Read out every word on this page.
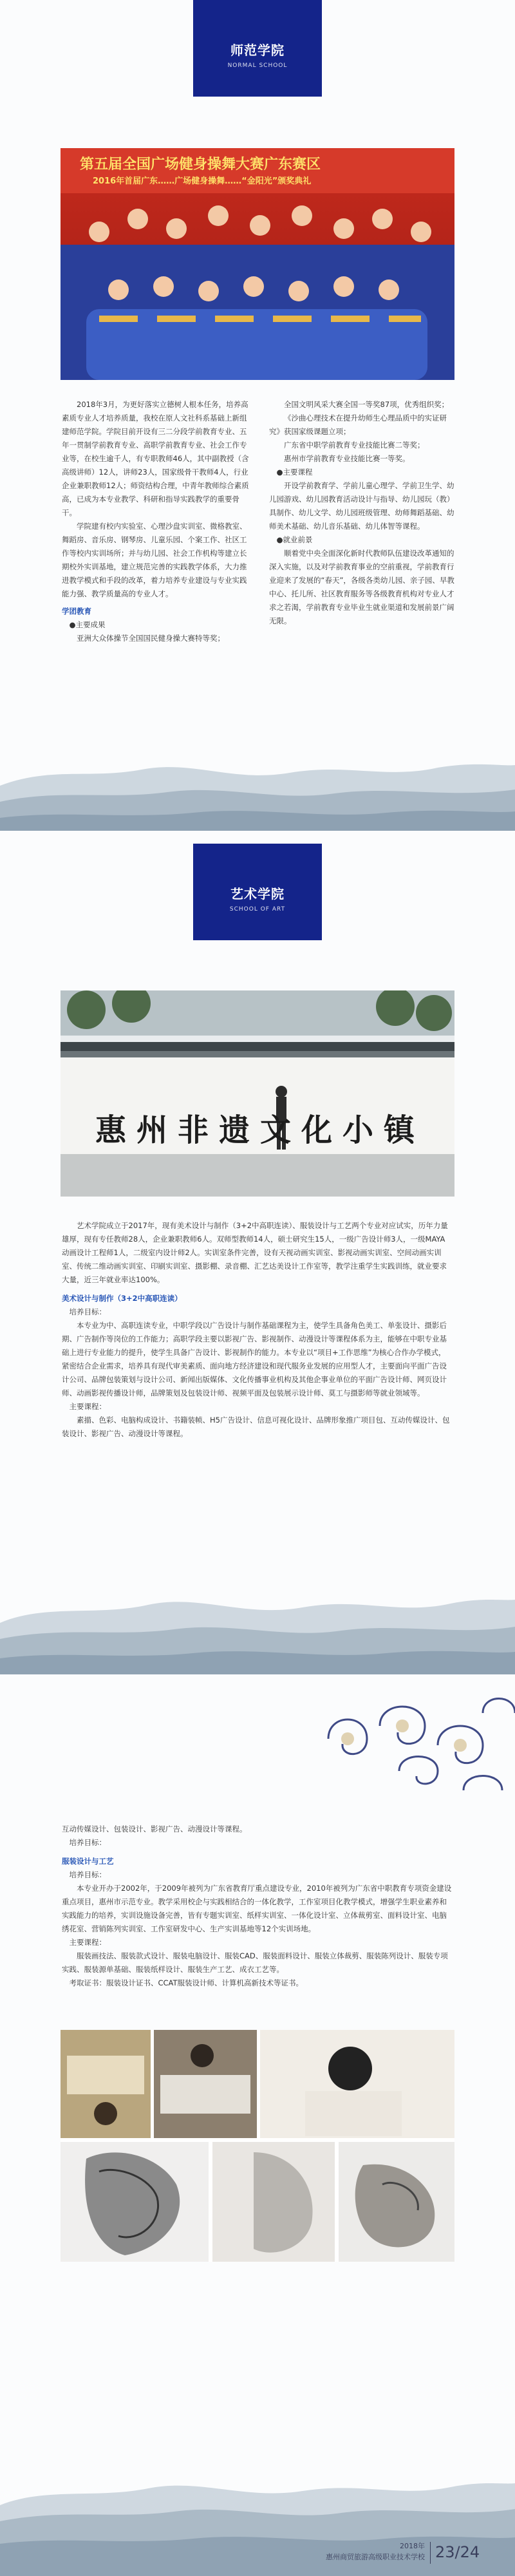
师范学院
NORMAL SCHOOL
第五届全国广场健身操舞大赛广东赛区
2016年首届广东……广场健身操舞……“金阳光”颁奖典礼

2018年3月，为更好落实立德树人根本任务，培养高素质专业人才培养质量，我校在原人文社科系基础上新组建师范学院。学院目前开设有三二分段学前教育专业、五年一贯制学前教育专业、高职学前教育专业、社会工作专业等，在校生逾千人，有专职教师46人，其中副教授（含高级讲师）12人，讲师23人，国家级骨干教师4人，行业企业兼职教师12人；师资结构合理，中青年教师综合素质高，已成为本专业教学、科研和指导实践教学的重要骨干。

学院建有校内实验室、心理沙盘实训室、微格教室、舞蹈房、音乐房、钢琴房、儿童乐园、个案工作、社区工作等校内实训场所；并与幼儿园、社会工作机构等建立长期校外实训基地，建立规范完善的实践教学体系，大力推进教学模式和手段的改革，着力培养专业建设与专业实践能力强、教学质量高的专业人才。

学团教育

●主要成果

亚洲大众体操节全国国民健身操大赛特等奖；

全国文明风采大赛全国一等奖87项，优秀组织奖；

《沙曲心理技术在提升幼师生心理品质中的实证研究》获国家级课题立项；

广东省中职学前教育专业技能比赛二等奖；

惠州市学前教育专业技能比赛一等奖。

●主要课程

开设学前教育学、学前儿童心理学、学前卫生学、幼儿园游戏、幼儿园教育活动设计与指导、幼儿园玩（教）具制作、幼儿文学、幼儿园班级管理、幼师舞蹈基础、幼师美术基础、幼儿音乐基础、幼儿体智等课程。

●就业前景

顺着党中央全面深化新时代教师队伍建设改革通知的深入实施，以及对学前教育事业的空前重视，学前教育行业迎来了发展的“春天”，各级各类幼儿园、亲子园、早教中心、托儿所、社区教育服务等各级教育机构对专业人才求之若渴，学前教育专业毕业生就业渠道和发展前景广阔无限。

艺术学院
SCHOOL OF ART
惠州非遗文化小镇

艺术学院成立于2017年，现有美术设计与制作（3+2中高职连读）、服装设计与工艺两个专业对应试实，历年力量雄厚，现有专任教师28人，企业兼职教师6人。双师型教师14人，硕士研究生15人，一级广告设计师3人，一级MAYA动画设计工程师1人，二级室内设计师2人。实训室条件完善，设有天视动画实训室、影视动画实训室、空间动画实训室、传统二维动画实训室、印刷实训室、摄影棚、录音棚、汇艺达美设计工作室等，教学注重学生实践训练，就业要求大量，近三年就业率达100%。

美术设计与制作（3+2中高职连读）

培养目标：

本专业为中、高职连读专业，中职学段以广告设计与制作基础课程为主，使学生具备角色美工、单张设计、摄影后期、广告制作等岗位的工作能力；高职学段主要以影视广告、影视制作、动漫设计等课程体系为主，能够在中职专业基础上进行专业能力的提升，使学生具备广告设计、影视制作的能力。本专业以“项目+工作思维”为核心合作办学模式，紧密结合企业需求，培养具有现代审美素质、面向地方经济建设和现代服务业发展的应用型人才，主要面向平面广告设计公司、品牌包装策划与设计公司、新闻出版媒体、文化传播事业机构及其他企事业单位的平面广告设计师、网页设计师、动画影视传播设计师，品牌策划及包装设计师、视频平面及包装展示设计师、莫工与摄影师等就业领域等。

主要课程：

素描、色彩、电脑构成设计、书籍装帧、H5广告设计、信息可视化设计、品牌形象推广项目包、互动传媒设计、包装设计、影视广告、动漫设计等课程。

互动传媒设计、包装设计、影视广告、动漫设计等课程。

培养目标：

服装设计与工艺

培养目标：

本专业开办于2002年，于2009年被列为广东省教育厅重点建设专业，2010年被列为广东省中职教育专项资金建设重点项目，惠州市示范专业。教学采用校企与实践相结合的一体化教学，工作室项目化教学模式，增强学生职业素养和实践能力的培养，实训设施设备完善，皆有专题实训室、纸样实训室、一体化设计室、立体裁剪室、面料设计室、电脑绣花室、营销陈列实训室、工作室研发中心、生产实训基地等12个实训场地。

主要课程：

服装画技法、服装款式设计、服装电脑设计、服装CAD、服装面料设计、服装立体裁剪、服装陈列设计、服装专项实践、服装源单基础、服装纸样设计、服装生产工艺、成衣工艺等。

考取证书：服装设计证书、CCAT服装设计师、计算机高新技术等证书。

2018年
惠州商贸旅游高级职业技术学校 23/24
